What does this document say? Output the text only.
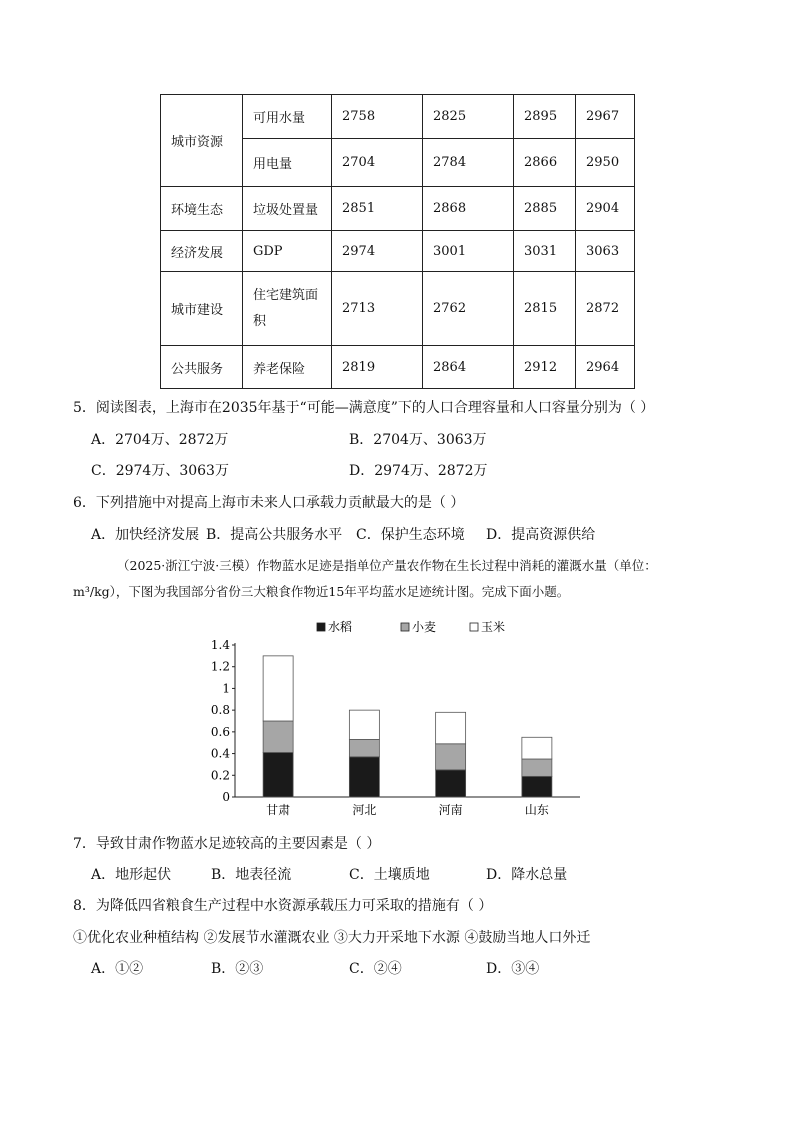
城市资源	可用水量	2758	2825	2895	2967
	用电量	2704	2784	2866	2950
环境生态	垃圾处置量	2851	2868	2885	2904
经济发展	GDP	2974	3001	3031	3063
城市建设	住宅建筑面积	2713	2762	2815	2872
公共服务	养老保险	2819	2864	2912	2964
5．阅读图表，上海市在2035年基于“可能—满意度”下的人口合理容量和人口容量分别为（ ）
A．2704万、2872万	B．2704万、3063万
C．2974万、3063万	D．2974万、2872万
6．下列措施中对提高上海市未来人口承载力贡献最大的是（ ）
A．加快经济发展 B．提高公共服务水平 C．保护生态环境 D．提高资源供给
（2025·浙江宁波·三模）作物蓝水足迹是指单位产量农作物在生长过程中消耗的灌溉水量（单位：
m³/kg），下图为我国部分省份三大粮食作物近15年平均蓝水足迹统计图。完成下面小题。
水稻	小麦	玉米
0
0.2
0.4
0.6
0.8
1
1.2
1.4
甘肃	河北	河南	山东
7．导致甘肃作物蓝水足迹较高的主要因素是（ ）
A．地形起伏	B．地表径流	C．土壤质地	D．降水总量
8．为降低四省粮食生产过程中水资源承载压力可采取的措施有（ ）
①优化农业种植结构 ②发展节水灌溉农业 ③大力开采地下水源 ④鼓励当地人口外迁
A．①②	B．②③	C．②④	D．③④
